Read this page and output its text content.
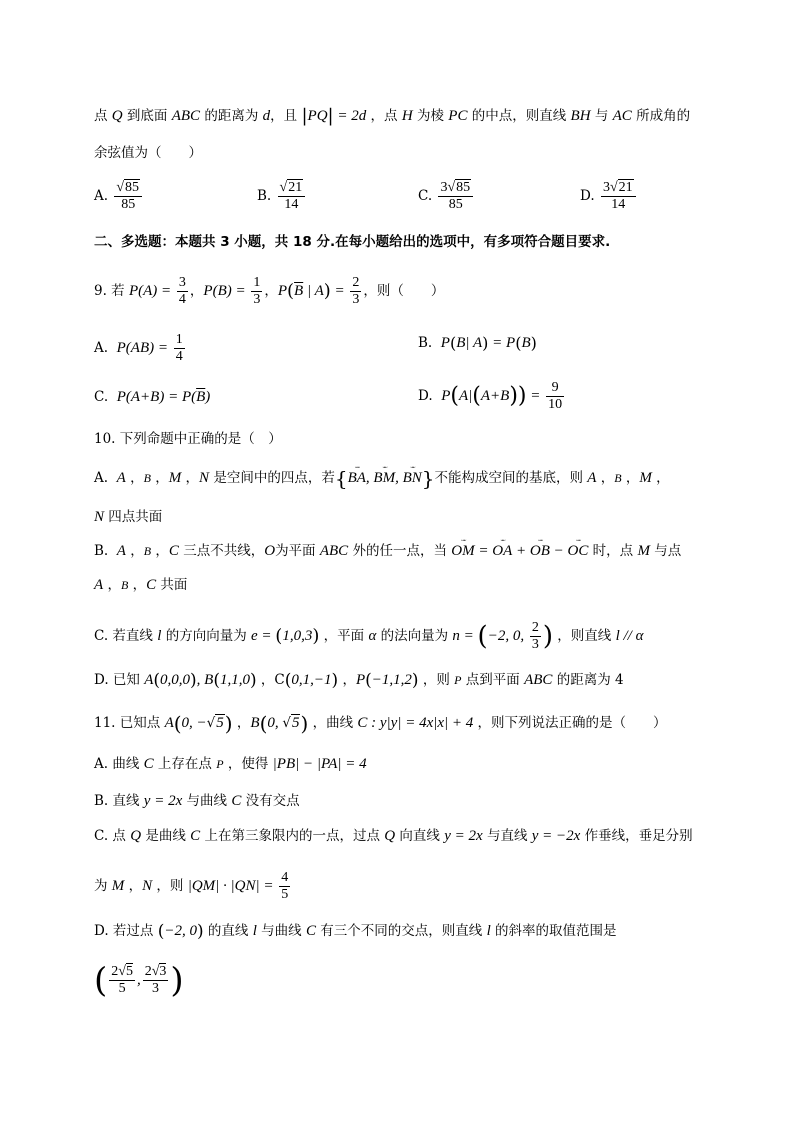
点 Q 到底面 ABC 的距离为 d，且 |PQ| = 2d ，点 H 为棱 PC 的中点，则直线 BH 与 AC 所成角的
余弦值为（　　）
A. $\frac{√85}{85}$	B. $\frac{√21}{14}$	C. $\frac{3√85}{85}$	D. $\frac{3√21}{14}$
二、多选题：本题共 3 小题，共 18 分.在每小题给出的选项中，有多项符合题目要求.
9. 若 $P(A) = \frac{3}{4}$ ，$P(B) = \frac{1}{3}$ ，$P(\overline{B}$ | $A) = \frac{2}{3}$ ，则（　　）
A.  $P(AB) = \frac{1}{4}$	B.  P(B| A) = P(B)
C.  $P(A+B) = P(\overline{B})$	D.  $P(A|(A+B)) = \frac{9}{10}$
10. 下列命题中正确的是（　）
A.  A ，B ，M ，N 是空间中的四点，若{ᵕᵕᵕ BA, ᵕᵕᵕ BM, ᵕᵕᵕ BN}不能构成空间的基底，则 A ，B ，M ，
N 四点共面
B.  A ，B ，C 三点不共线，O为平面 ABC 外的任一点，当 ᵕᵕᵕ OM = ᵕᵕᵕ OA + ᵕᵕᵕ OB − ᵕᵕᵕ OC 时，点 M 与点
A ，B ，C 共面
C. 若直线 l 的方向向量为 e = (1,0,3) ，平面 α 的法向量为 n = (−2, 0, $\frac{2}{3}$ ) ，则直线 l // α
D. 已知 A(0,0,0), B(1,1,0) ，C(0,1,−1) ，P(−1,1,2) ，则 P 点到平面 ABC 的距离为 4
11. 已知点 A(0, −√5) ，B(0, √5) ，曲线 C : y|y| = 4x|x| + 4 ，则下列说法正确的是（　　）
A. 曲线 C 上存在点 P ，使得 |PB| − |PA| = 4
B. 直线 y = 2x 与曲线 C 没有交点
C. 点 Q 是曲线 C 上在第三象限内的一点，过点 Q 向直线 y = 2x 与直线 y = −2x 作垂线，垂足分别
为 M ，N ，则 $|QM| \cdot |QN| = \frac{4}{5}$
D. 若过点 (−2, 0) 的直线 l 与曲线 C 有三个不同的交点，则直线 l 的斜率的取值范围是
( $\frac{2√5}{5}$ , $\frac{2√3}{3}$ )
